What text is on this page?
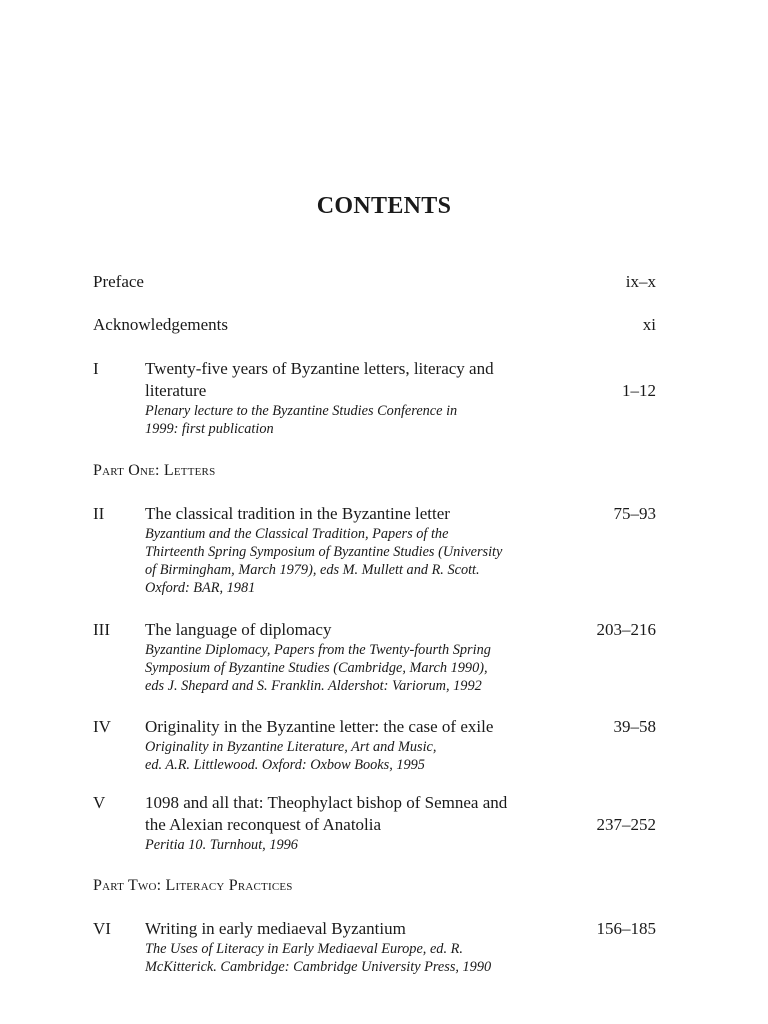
CONTENTS
Preface	ix–x
Acknowledgements	xi
I	Twenty-five years of Byzantine letters, literacy and
literature
Plenary lecture to the Byzantine Studies Conference in
1999: first publication
1–12
Part One: Letters
II The classical tradition in the Byzantine letter
Byzantium and the Classical Tradition, Papers of the
Thirteenth Spring Symposium of Byzantine Studies (University
of Birmingham, March 1979), eds M. Mullett and R. Scott.
Oxford: BAR, 1981
75–93
III The language of diplomacy
Byzantine Diplomacy, Papers from the Twenty-fourth Spring
Symposium of Byzantine Studies (Cambridge, March 1990),
eds J. Shepard and S. Franklin. Aldershot: Variorum, 1992
203–216
IV Originality in the Byzantine letter: the case of exile
Originality in Byzantine Literature, Art and Music,
ed. A.R. Littlewood. Oxford: Oxbow Books, 1995
39–58
V 1098 and all that: Theophylact bishop of Semnea and
the Alexian reconquest of Anatolia
Peritia 10. Turnhout, 1996
237–252
Part Two: Literacy Practices
VI Writing in early mediaeval Byzantium
The Uses of Literacy in Early Mediaeval Europe, ed. R.
McKitterick. Cambridge: Cambridge University Press, 1990
156–185
